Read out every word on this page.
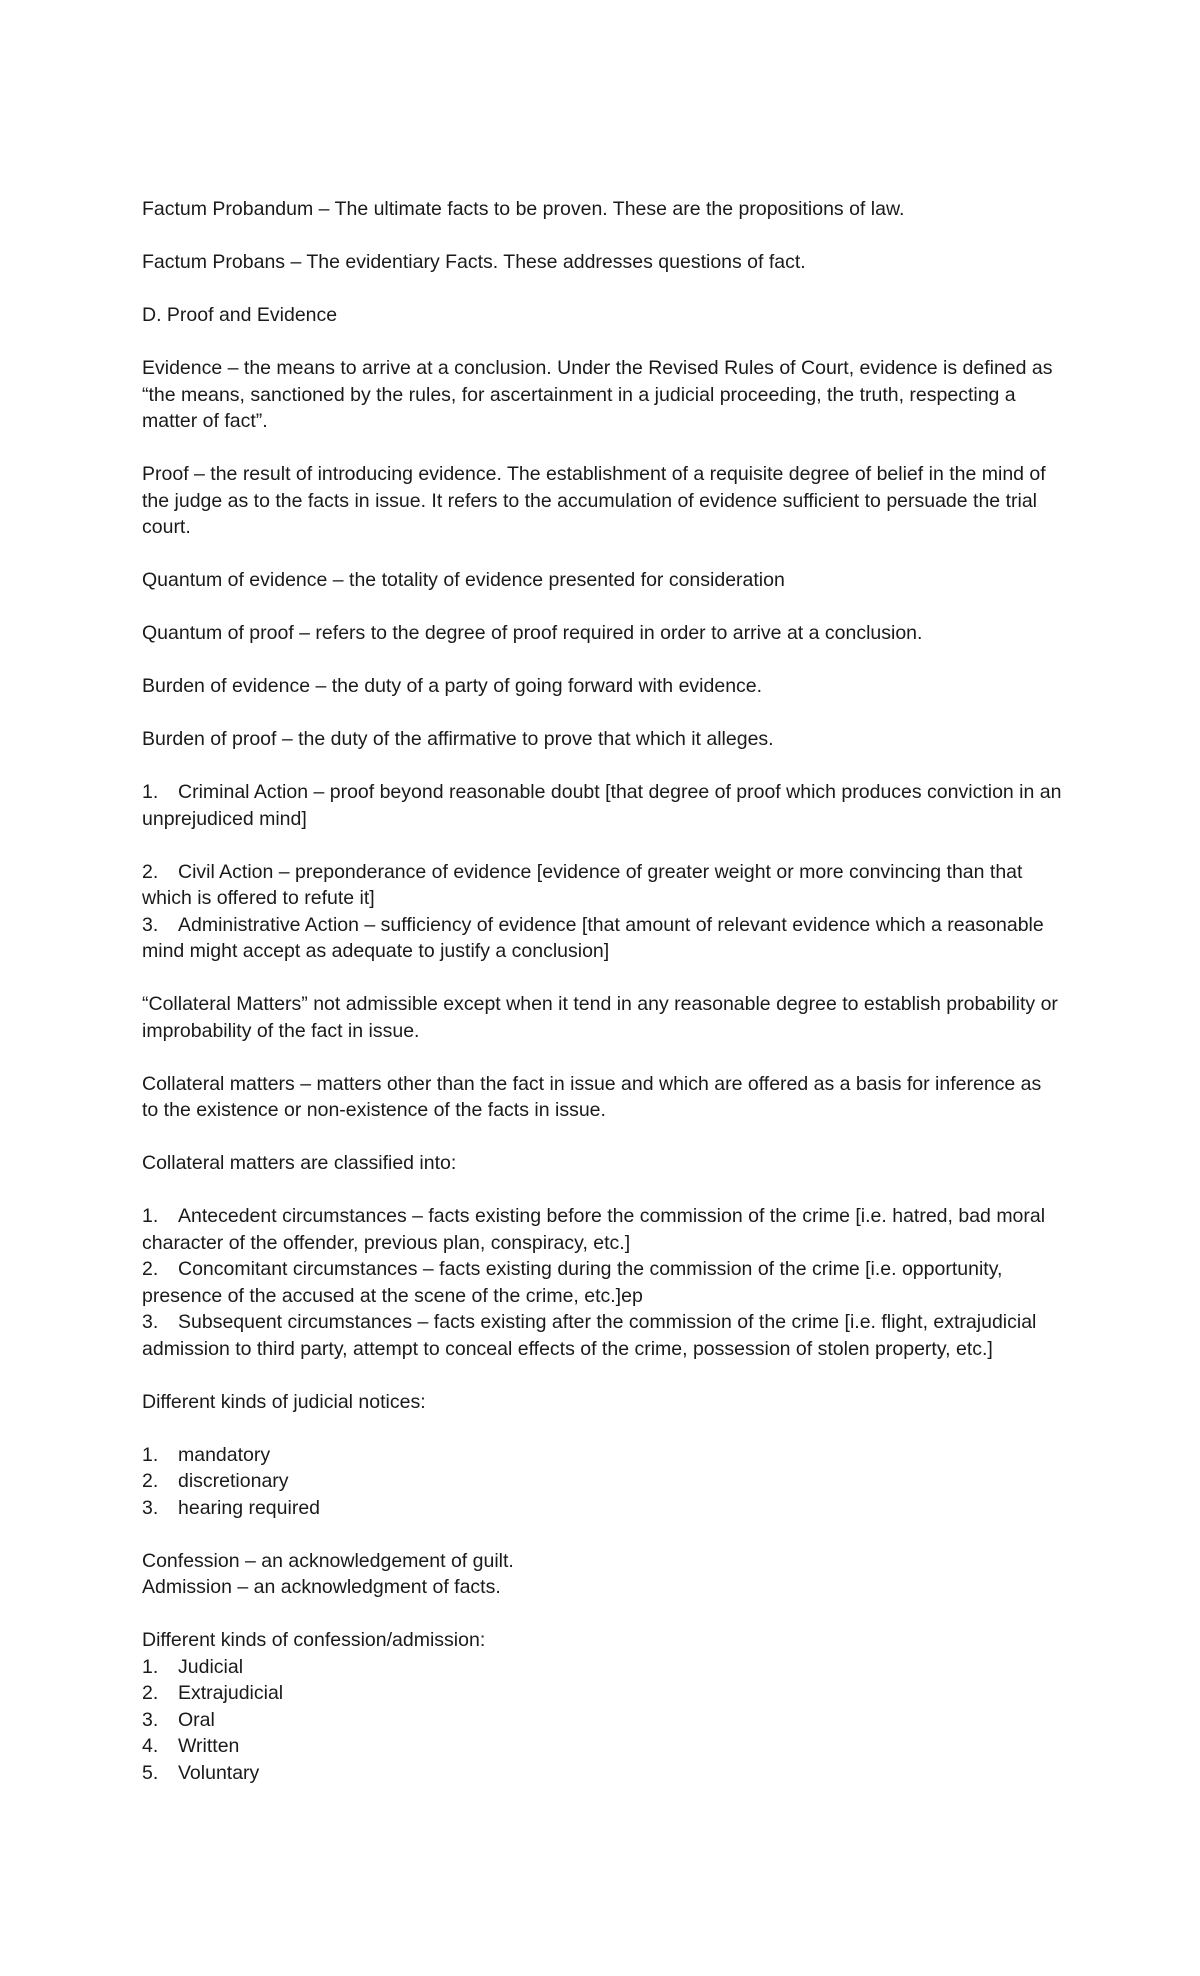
Factum Probandum – The ultimate facts to be proven. These are the propositions of law.

Factum Probans – The evidentiary Facts. These addresses questions of fact.

D. Proof and Evidence

Evidence – the means to arrive at a conclusion. Under the Revised Rules of Court, evidence is defined as “the means, sanctioned by the rules, for ascertainment in a judicial proceeding, the truth, respecting a matter of fact”.

Proof – the result of introducing evidence. The establishment of a requisite degree of belief in the mind of the judge as to the facts in issue. It refers to the accumulation of evidence sufficient to persuade the trial court.

Quantum of evidence – the totality of evidence presented for consideration

Quantum of proof – refers to the degree of proof required in order to arrive at a conclusion.

Burden of evidence – the duty of a party of going forward with evidence.

Burden of proof – the duty of the affirmative to prove that which it alleges.

1. Criminal Action – proof beyond reasonable doubt [that degree of proof which produces conviction in an unprejudiced mind]
2. Civil Action – preponderance of evidence [evidence of greater weight or more convincing than that which is offered to refute it]
3. Administrative Action – sufficiency of evidence [that amount of relevant evidence which a reasonable mind might accept as adequate to justify a conclusion]

“Collateral Matters” not admissible except when it tend in any reasonable degree to establish probability or improbability of the fact in issue.

Collateral matters – matters other than the fact in issue and which are offered as a basis for inference as to the existence or non-existence of the facts in issue.

Collateral matters are classified into:

1. Antecedent circumstances – facts existing before the commission of the crime [i.e. hatred, bad moral character of the offender, previous plan, conspiracy, etc.]
2. Concomitant circumstances – facts existing during the commission of the crime [i.e. opportunity, presence of the accused at the scene of the crime, etc.]ep
3. Subsequent circumstances – facts existing after the commission of the crime [i.e. flight, extrajudicial admission to third party, attempt to conceal effects of the crime, possession of stolen property, etc.]

Different kinds of judicial notices:

1. mandatory
2. discretionary
3. hearing required

Confession – an acknowledgement of guilt.

Admission – an acknowledgment of facts.

Different kinds of confession/admission:

1. Judicial
2. Extrajudicial
3. Oral
4. Written
5. Voluntary
